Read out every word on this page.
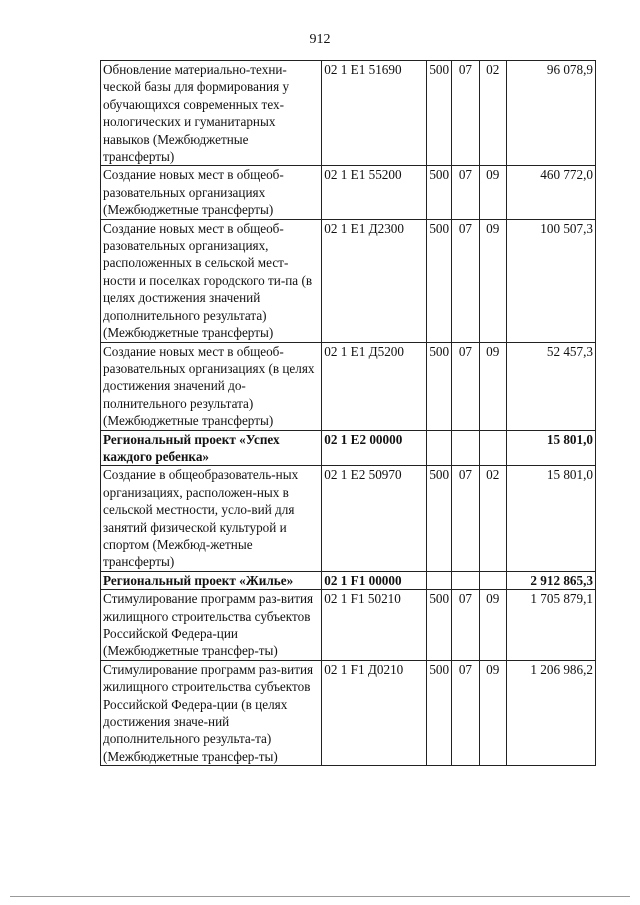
912
Обновление материально-техни-ческой базы для формирования у обучающихся современных тех-нологических и гуманитарных навыков (Межбюджетные трансферты)	02 1 E1 51690	500	07	02	96 078,9
Создание новых мест в общеоб-разовательных организациях (Межбюджетные трансферты)	02 1 E1 55200	500	07	09	460 772,0
Создание новых мест в общеоб-разовательных организациях, расположенных в сельской мест-ности и поселках городского ти-па (в целях достижения значений дополнительного результата) (Межбюджетные трансферты)	02 1 E1 Д2300	500	07	09	100 507,3
Создание новых мест в общеоб-разовательных организациях (в целях достижения значений до-полнительного результата) (Межбюджетные трансферты)	02 1 E1 Д5200	500	07	09	52 457,3
Региональный проект «Успех каждого ребенка»	02 1 E2 00000				15 801,0
Создание в общеобразователь-ных организациях, расположен-ных в сельской местности, усло-вий для занятий физической культурой и спортом (Межбюд-жетные трансферты)	02 1 E2 50970	500	07	02	15 801,0
Региональный проект «Жилье»	02 1 F1 00000				2 912 865,3
Стимулирование программ раз-вития жилищного строительства субъектов Российской Федера-ции (Межбюджетные трансфер-ты)	02 1 F1 50210	500	07	09	1 705 879,1
Стимулирование программ раз-вития жилищного строительства субъектов Российской Федера-ции (в целях достижения значе-ний дополнительного результа-та) (Межбюджетные трансфер-ты)	02 1 F1 Д0210	500	07	09	1 206 986,2
